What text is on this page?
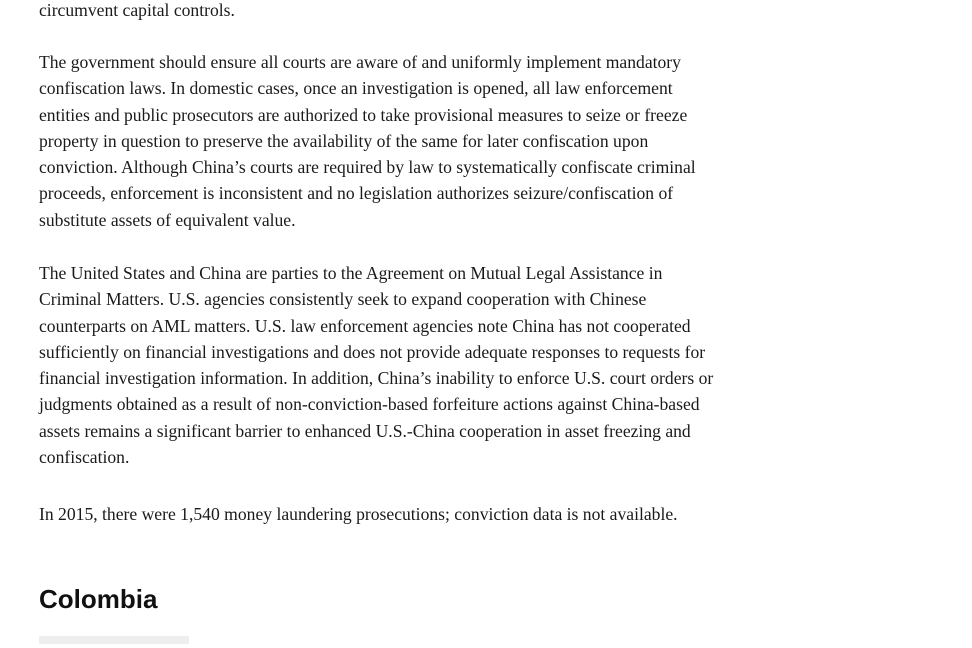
circumvent capital controls.

The government should ensure all courts are aware of and uniformly implement mandatory
confiscation laws. In domestic cases, once an investigation is opened, all law enforcement
entities and public prosecutors are authorized to take provisional measures to seize or freeze
property in question to preserve the availability of the same for later confiscation upon
conviction. Although China’s courts are required by law to systematically confiscate criminal
proceeds, enforcement is inconsistent and no legislation authorizes seizure/confiscation of
substitute assets of equivalent value.

The United States and China are parties to the Agreement on Mutual Legal Assistance in
Criminal Matters. U.S. agencies consistently seek to expand cooperation with Chinese
counterparts on AML matters. U.S. law enforcement agencies note China has not cooperated
sufficiently on financial investigations and does not provide adequate responses to requests for
financial investigation information. In addition, China’s inability to enforce U.S. court orders or
judgments obtained as a result of non-conviction-based forfeiture actions against China-based
assets remains a significant barrier to enhanced U.S.-China cooperation in asset freezing and
confiscation.

In 2015, there were 1,540 money laundering prosecutions; conviction data is not available.

Colombia
